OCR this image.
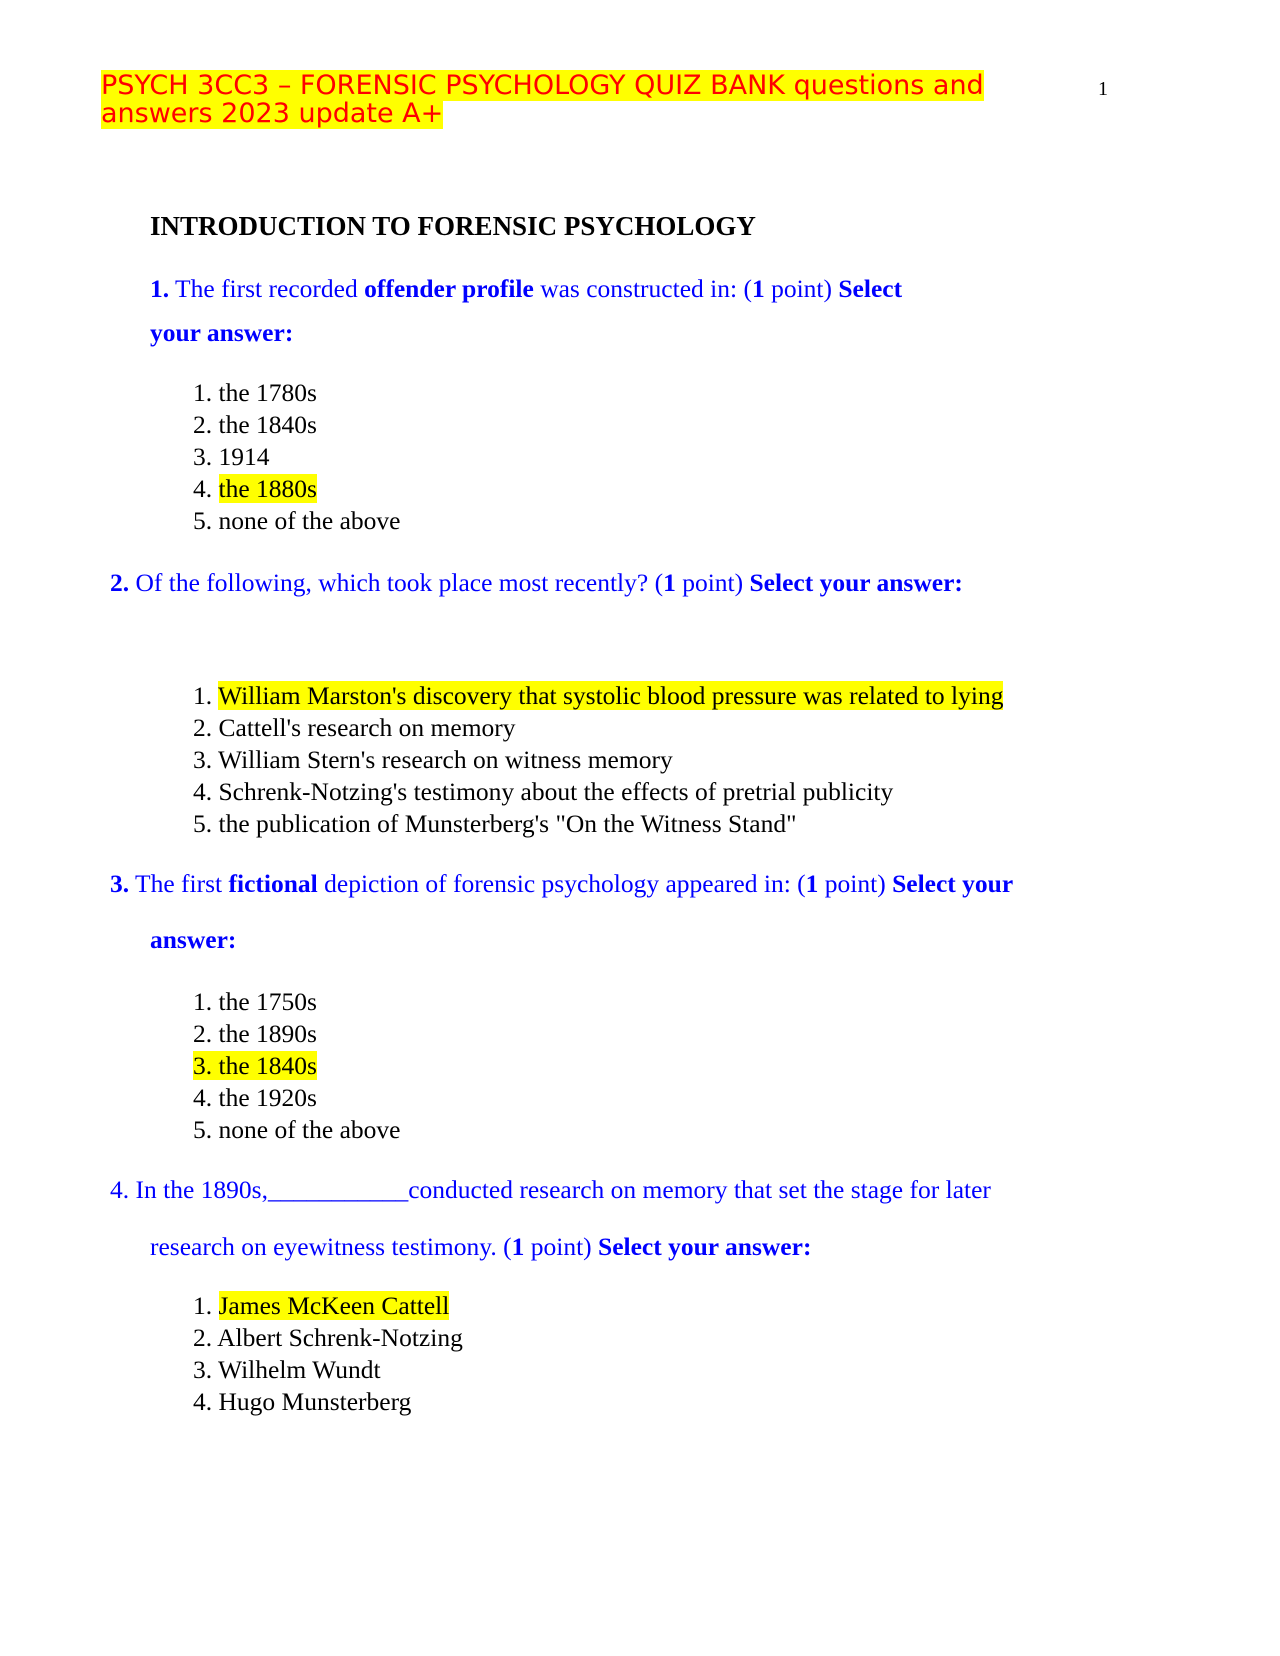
PSYCH 3CC3 – FORENSIC PSYCHOLOGY QUIZ BANK questions and answers 2023 update A+
1
INTRODUCTION TO FORENSIC PSYCHOLOGY
1. The first recorded offender profile was constructed in: (1 point) Select
your answer:
1. the 1780s
2. the 1840s
3. 1914
4. the 1880s
5. none of the above
2. Of the following, which took place most recently? (1 point) Select your answer:
1. William Marston's discovery that systolic blood pressure was related to lying
2. Cattell's research on memory
3. William Stern's research on witness memory
4. Schrenk-Notzing's testimony about the effects of pretrial publicity
5. the publication of Munsterberg's "On the Witness Stand"
3. The first fictional depiction of forensic psychology appeared in: (1 point) Select your
answer:
1. the 1750s
2. the 1890s
3. the 1840s
4. the 1920s
5. none of the above
4. In the 1890s,___________conducted research on memory that set the stage for later
research on eyewitness testimony. (1 point) Select your answer:
1. James McKeen Cattell
2. Albert Schrenk-Notzing
3. Wilhelm Wundt
4. Hugo Munsterberg
